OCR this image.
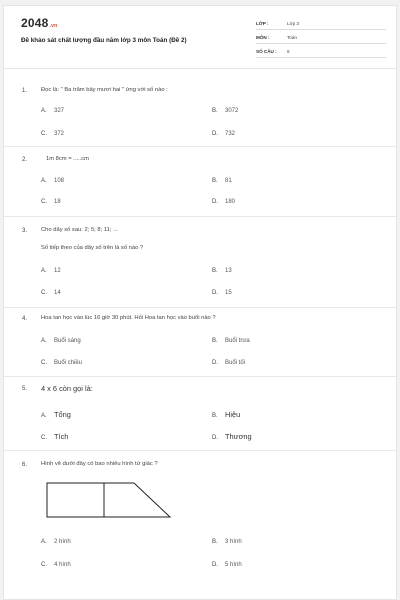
2048.vn
Đề khảo sát chất lượng đầu năm lớp 3 môn Toán (Đề 2)
LỚP :	Lớp 3
MÔN :	Toán
SỐ CÂU : 6
1. Đọc là: " Ba trăm bảy mươi hai " ứng với số nào :
A. 327	B. 3072
C. 372	D. 732
2.	1m 8cm = .....cm
A. 108	B. 81
C. 18	D. 180
3. Cho dãy số sau: 2; 5; 8; 11; ...
Số tiếp theo của dãy số trên là số nào ?
A. 12	B. 13
C. 14	D. 15
4. Hoa tan học vào lúc 16 giờ 30 phút. Hỏi Hoa tan học vào buổi nào ?
A. Buổi sáng	B. Buổi trưa
C. Buổi chiều	D. Buổi tối
5. 4 x 6 còn gọi là:
A. Tổng	B. Hiệu
C. Tích	D. Thương
6. Hình vẽ dưới đây có bao nhiêu hình tứ giác ?
A. 2 hình	B. 3 hình
C. 4 hình	D. 5 hình
